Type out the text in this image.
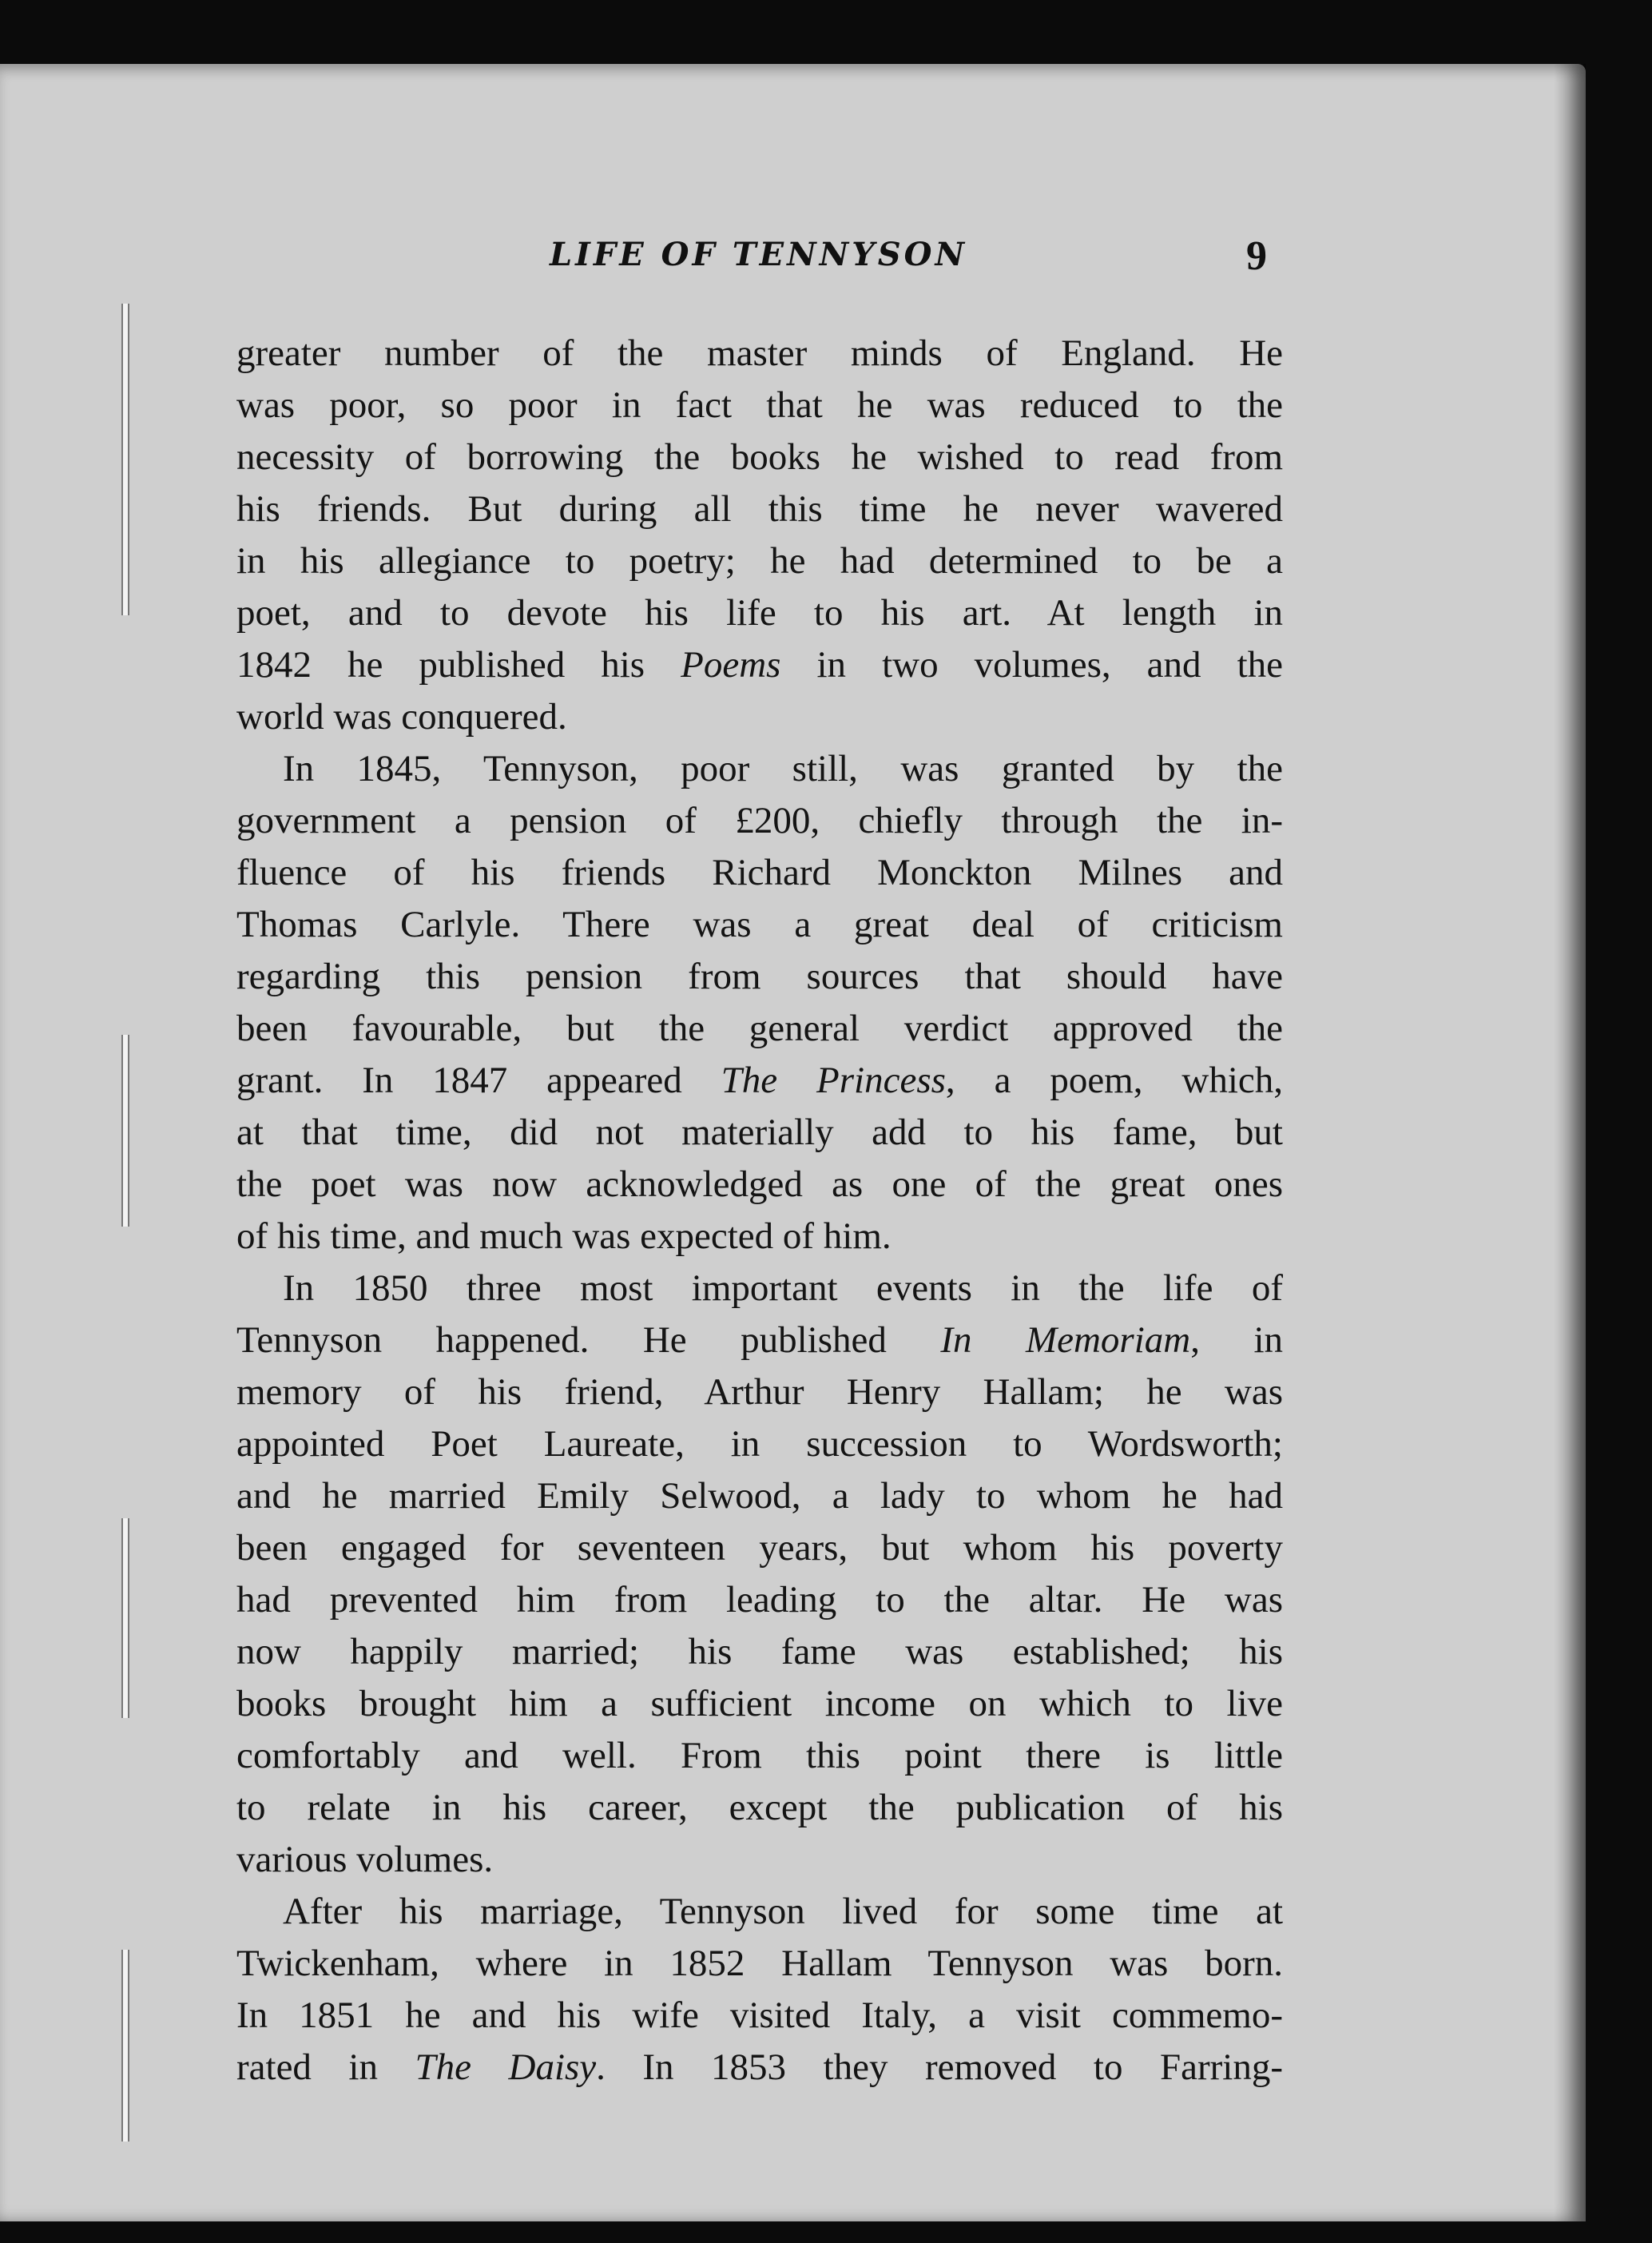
LIFE OF TENNYSON	9
greater number of the master minds of England. He
was poor, so poor in fact that he was reduced to the
necessity of borrowing the books he wished to read from
his friends. But during all this time he never wavered
in his allegiance to poetry; he had determined to be a
poet, and to devote his life to his art. At length in
1842 he published his Poems in two volumes, and the
world was conquered.
In 1845, Tennyson, poor still, was granted by the
government a pension of £200, chiefly through the in-
fluence of his friends Richard Monckton Milnes and
Thomas Carlyle. There was a great deal of criticism
regarding this pension from sources that should have
been favourable, but the general verdict approved the
grant. In 1847 appeared The Princess, a poem, which,
at that time, did not materially add to his fame, but
the poet was now acknowledged as one of the great ones
of his time, and much was expected of him.
In 1850 three most important events in the life of
Tennyson happened. He published In Memoriam, in
memory of his friend, Arthur Henry Hallam; he was
appointed Poet Laureate, in succession to Wordsworth;
and he married Emily Selwood, a lady to whom he had
been engaged for seventeen years, but whom his poverty
had prevented him from leading to the altar. He was
now happily married; his fame was established; his
books brought him a sufficient income on which to live
comfortably and well. From this point there is little
to relate in his career, except the publication of his
various volumes.
After his marriage, Tennyson lived for some time at
Twickenham, where in 1852 Hallam Tennyson was born.
In 1851 he and his wife visited Italy, a visit commemo-
rated in The Daisy. In 1853 they removed to Farring-
